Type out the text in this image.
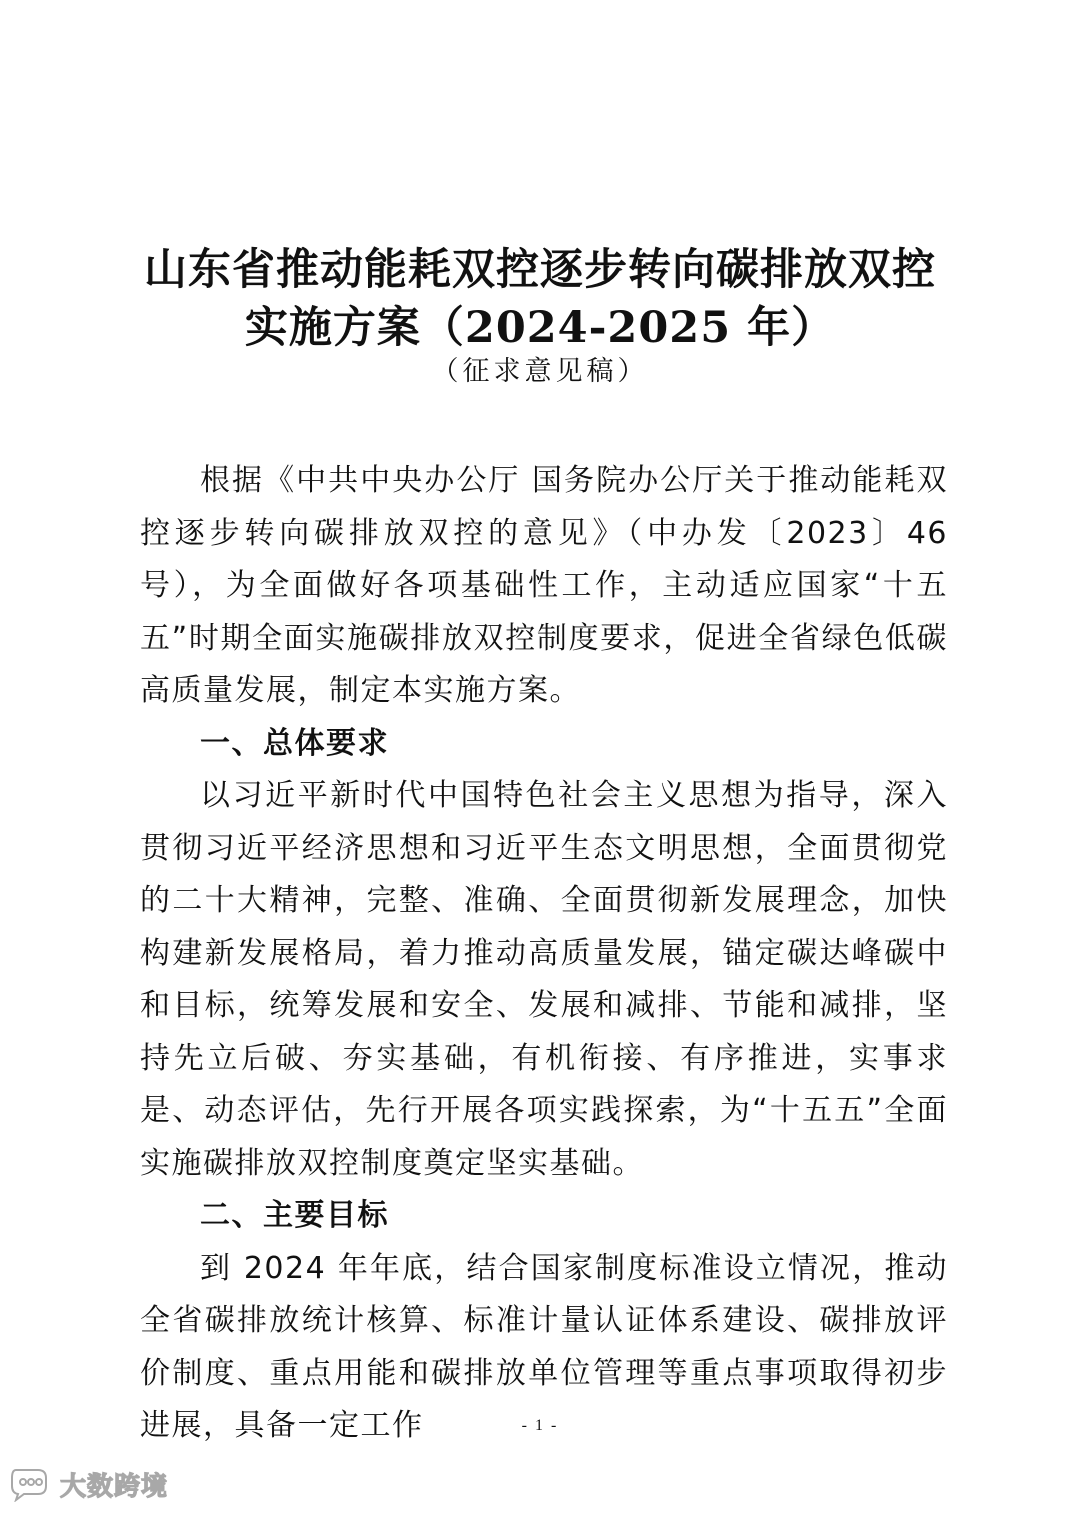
山东省推动能耗双控逐步转向碳排放双控
实施方案（2024-2025 年）
（征求意见稿）

根据《中共中央办公厅 国务院办公厅关于推动能耗双控逐步转向碳排放双控的意见》（中办发〔2023〕46 号），为全面做好各项基础性工作，主动适应国家“十五五”时期全面实施碳排放双控制度要求，促进全省绿色低碳高质量发展，制定本实施方案。

一、总体要求

以习近平新时代中国特色社会主义思想为指导，深入贯彻习近平经济思想和习近平生态文明思想，全面贯彻党的二十大精神，完整、准确、全面贯彻新发展理念，加快构建新发展格局，着力推动高质量发展，锚定碳达峰碳中和目标，统筹发展和安全、发展和减排、节能和减排，坚持先立后破、夯实基础，有机衔接、有序推进，实事求是、动态评估，先行开展各项实践探索，为“十五五”全面实施碳排放双控制度奠定坚实基础。

二、主要目标

到 2024 年年底，结合国家制度标准设立情况，推动全省碳排放统计核算、标准计量认证体系建设、碳排放评价制度、重点用能和碳排放单位管理等重点事项取得初步进展，具备一定工作	- 1 -
大数跨境
